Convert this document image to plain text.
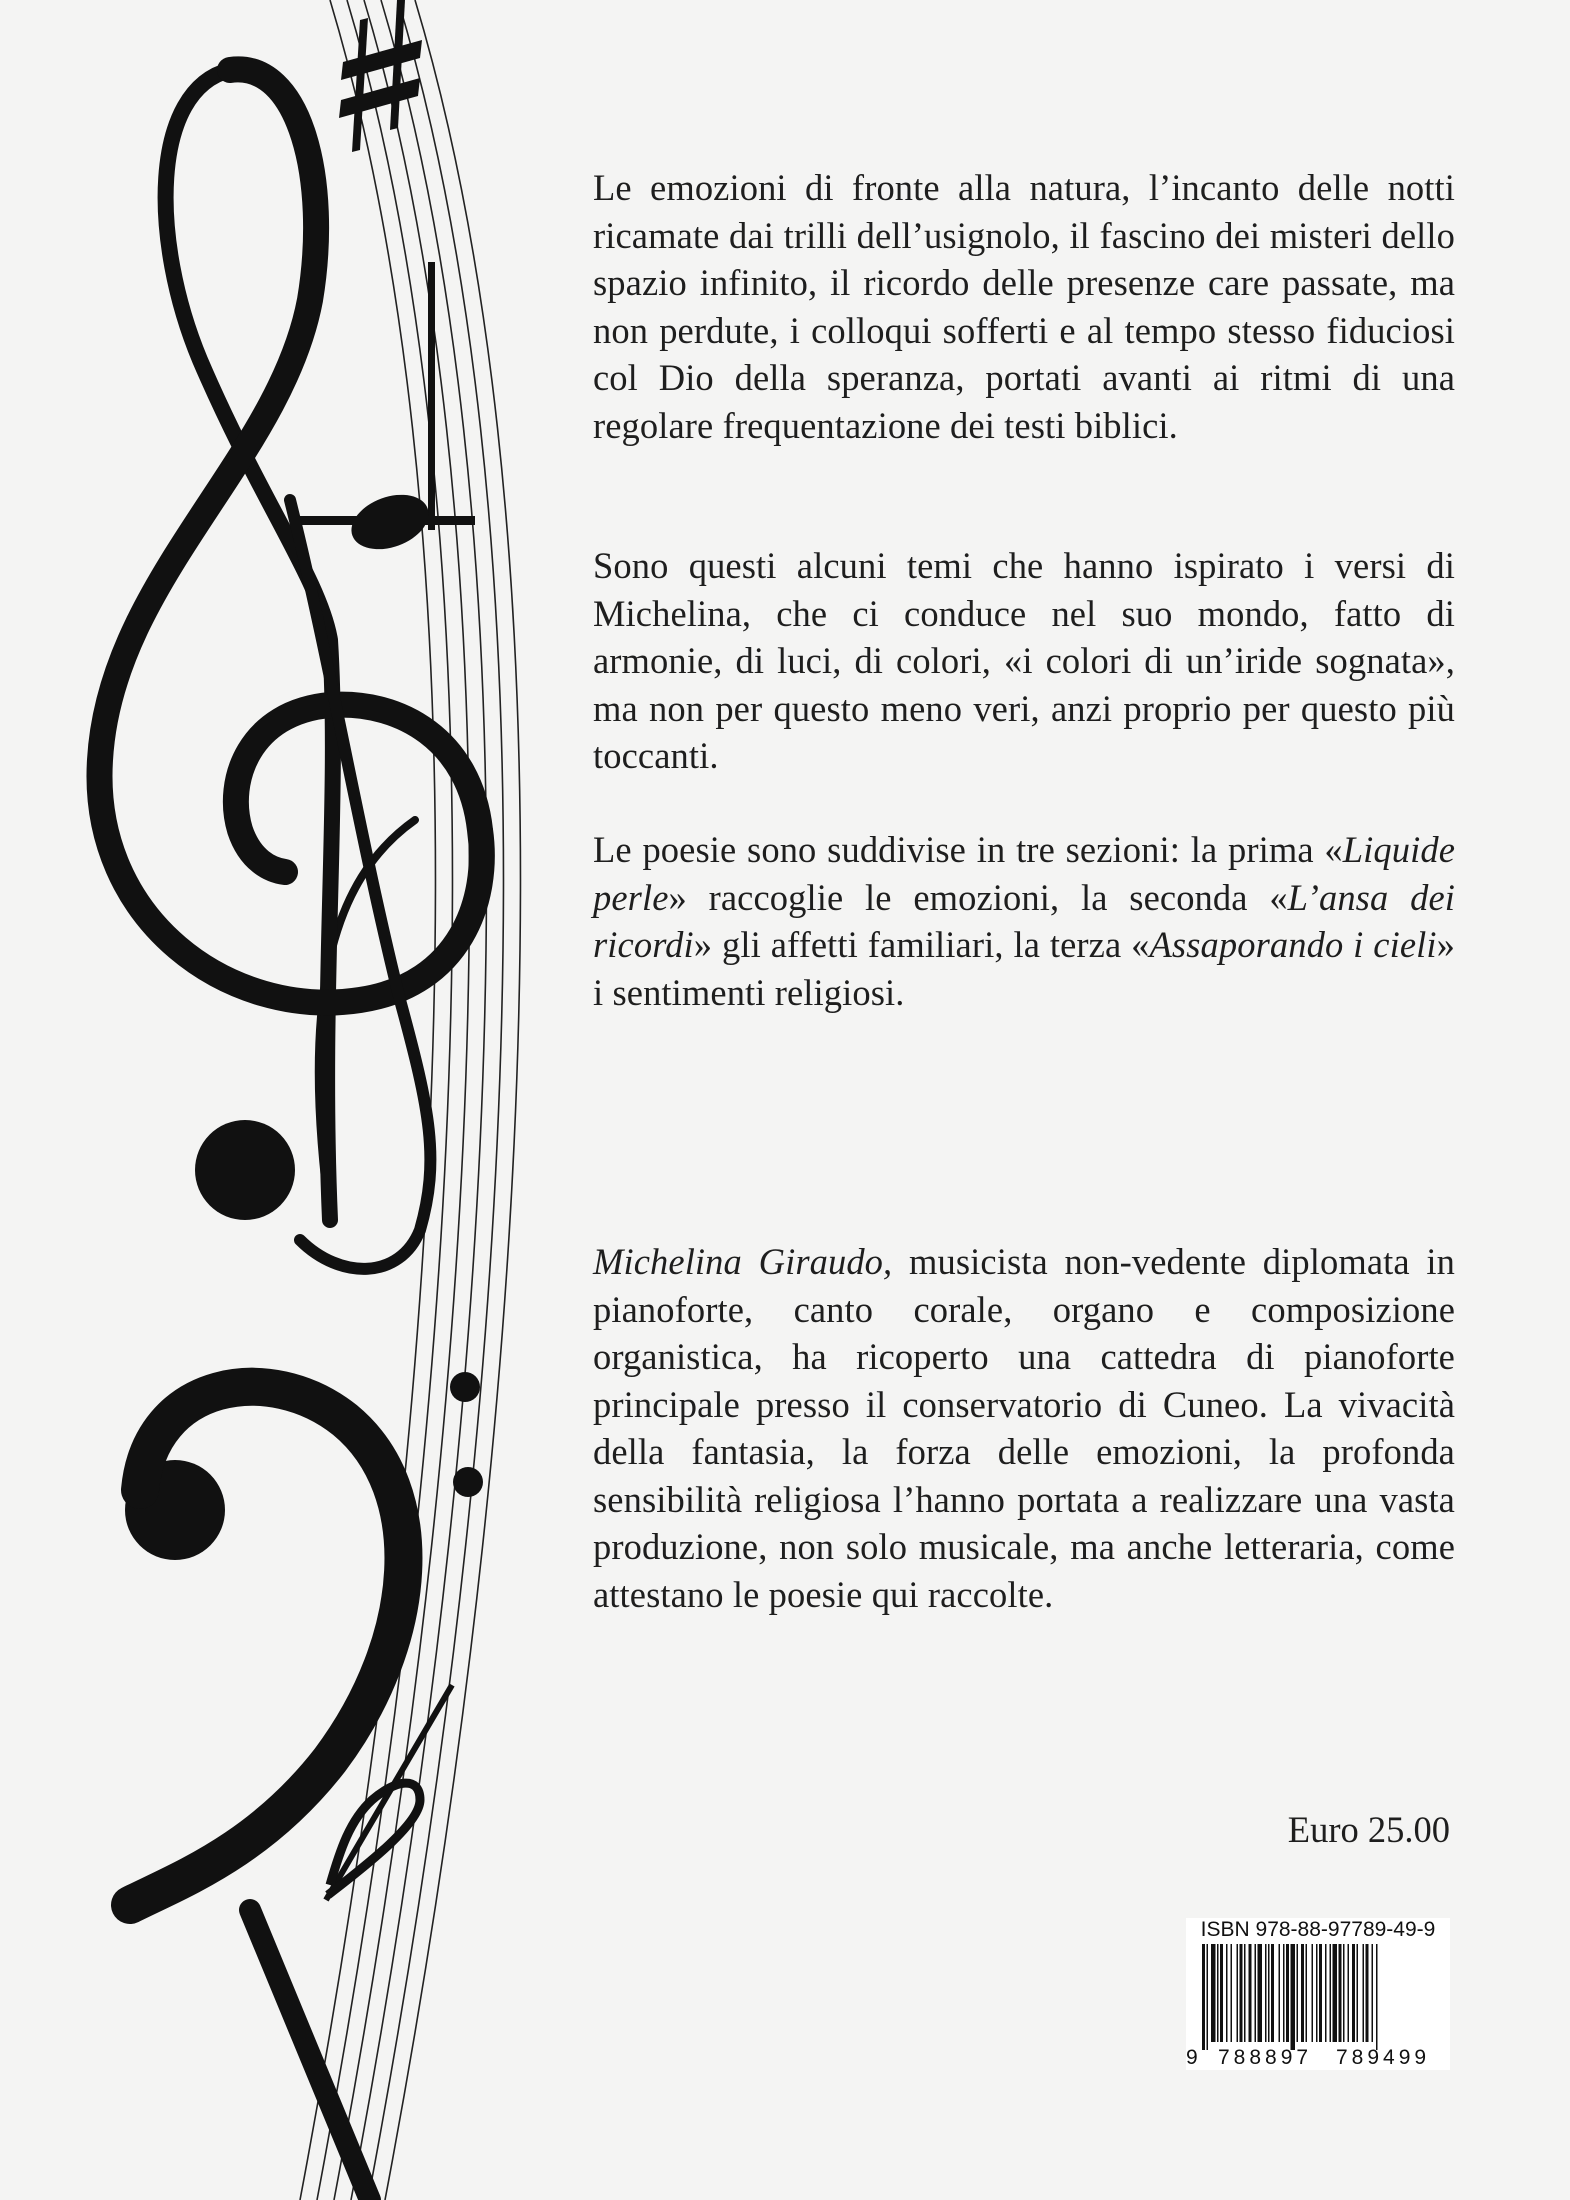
Le emozioni di fronte alla natura, l’incanto delle notti ricamate dai trilli dell’usignolo, il fascino dei misteri dello spazio infinito, il ricordo delle presenze care passate, ma non perdute, i colloqui sofferti e al tempo stesso fiduciosi col Dio della speranza, portati avanti ai ritmi di una regolare frequentazione dei testi biblici.

Sono questi alcuni temi che hanno ispirato i versi di Michelina, che ci conduce nel suo mondo, fatto di armonie, di luci, di colori, «i colori di un’iride sognata», ma non per questo meno veri, anzi proprio per questo più toccanti.

Le poesie sono suddivise in tre sezioni: la prima «Liquide perle» raccoglie le emozioni, la seconda «L’ansa dei ricordi» gli affetti familiari, la terza «Assaporando i cieli» i sentimenti religiosi.

Michelina Giraudo, musicista non-vedente diplomata in pianoforte, canto corale, organo e composizione organistica, ha ricoperto una cattedra di pianoforte principale presso il conservatorio di Cuneo. La vivacità della fantasia, la forza delle emozioni, la profonda sensibilità religiosa l’hanno portata a realizzare una vasta produzione, non solo musicale, ma anche letteraria, come attestano le poesie qui raccolte.

Euro 25.00
ISBN 978-88-97789-49-9
9 788897 789499
